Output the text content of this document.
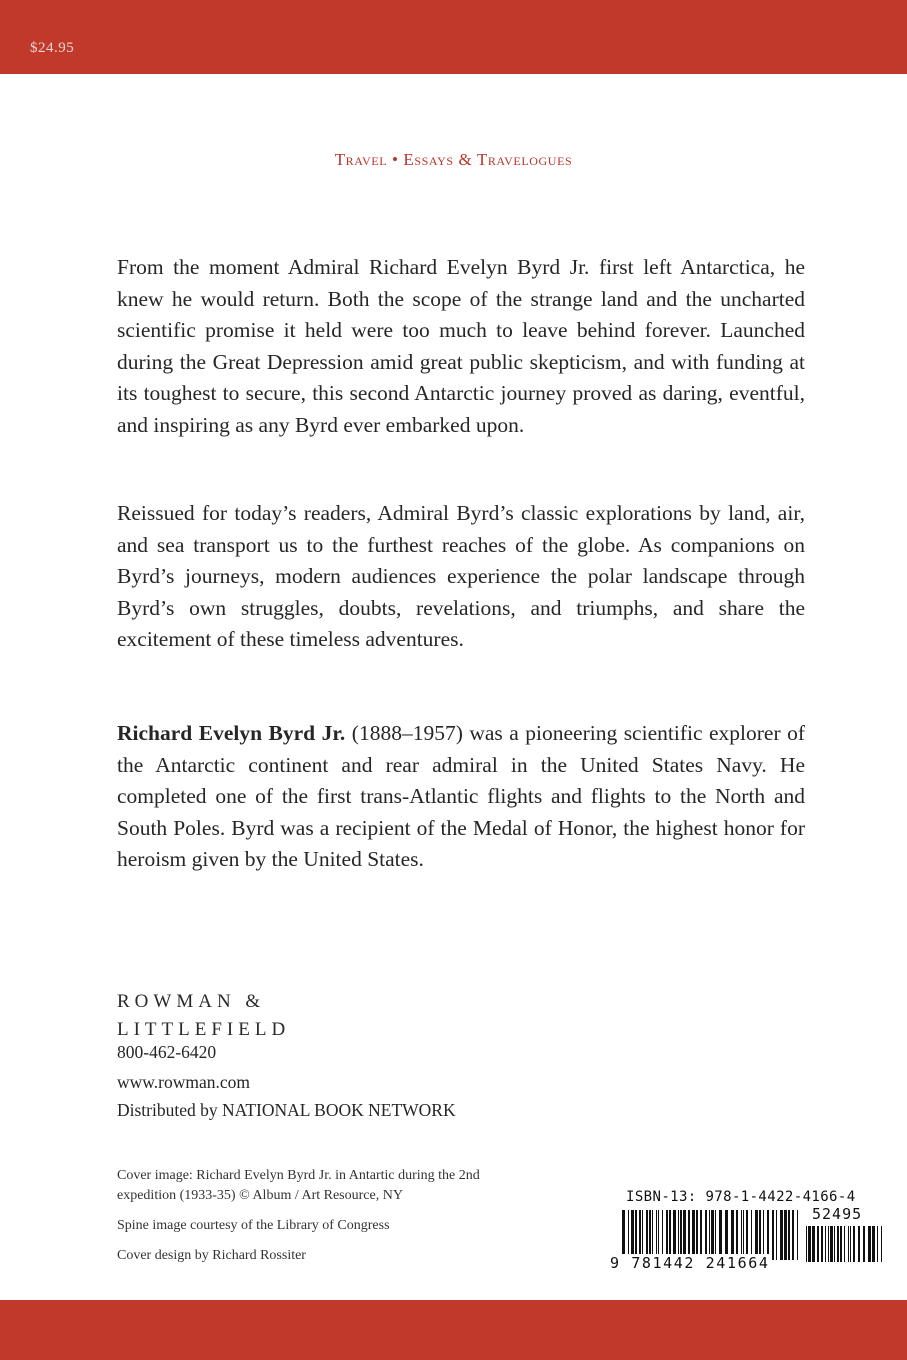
$24.95
Travel • Essays & Travelogues

From the moment Admiral Richard Evelyn Byrd Jr. first left Antarctica, he knew he would return. Both the scope of the strange land and the uncharted scientific promise it held were too much to leave behind forever. Launched during the Great Depression amid great public skepticism, and with funding at its toughest to secure, this second Antarctic journey proved as daring, eventful, and inspiring as any Byrd ever embarked upon.

Reissued for today’s readers, Admiral Byrd’s classic explorations by land, air, and sea transport us to the furthest reaches of the globe. As companions on Byrd’s journeys, modern audiences experience the polar landscape through Byrd’s own struggles, doubts, revelations, and triumphs, and share the excitement of these timeless adventures.

Richard Evelyn Byrd Jr. (1888–1957) was a pioneering scientific explorer of the Antarctic continent and rear admiral in the United States Navy. He completed one of the first trans-Atlantic flights and flights to the North and South Poles. Byrd was a recipient of the Medal of Honor, the highest honor for heroism given by the United States.

ROWMAN &
LITTLEFIELD
800-462-6420
www.rowman.com
Distributed by NATIONAL BOOK NETWORK
Cover image: Richard Evelyn Byrd Jr. in Antartic during the 2nd expedition (1933-35) © Album / Art Resource, NY
Spine image courtesy of the Library of Congress
Cover design by Richard Rossiter
ISBN-13: 978-1-4422-4166-4
52495
9 781442 241664
